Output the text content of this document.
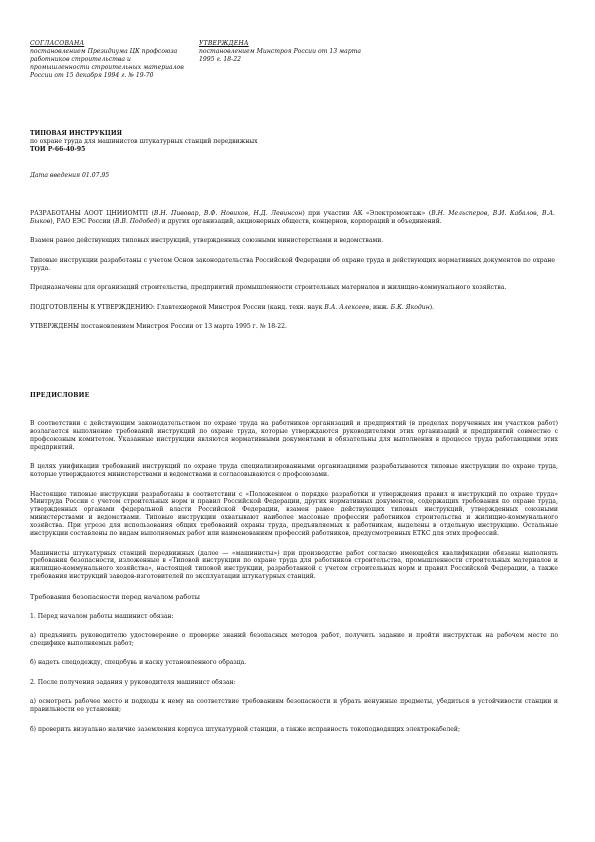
СОГЛАСОВАНА
постановлением Президиума ЦК профсоюза работников строительства и промышленности строительных материалов России от 15 декабря 1994 г. № 19-70
УТВЕРЖДЕНА
постановлением Минстроя России от 13 марта 1995 г. 18-22
ТИПОВАЯ ИНСТРУКЦИЯ
по охране труда для машинистов штукатурных станций передвижных
ТОИ Р-66-40-95
Дата введения 01.07.95

РАЗРАБОТАНЫ АООТ ЦНИИОМТП (В.Н. Пивовар, В.Ф. Новиков, Н.Д. Левинсон) при участии АК «Электромонтаж» (В.Н. Мельсперов, В.И. Кабалов, В.А. Быков), РАО ЕЭС России (В.В. Подобед) и других организаций, акционерных обществ, концернов, корпораций и объединений.

Взамен ранее действующих типовых инструкций, утвержденных союзными министерствами и ведомствами.

Типовые инструкции разработаны с учетом Основ законодательства Российской Федерации об охране труда и действующих нормативных документов по охране труда.

Предназначены для организаций строительства, предприятий промышленности строительных материалов и жилищно-коммунального хозяйства.

ПОДГОТОВЛЕНЫ К УТВЕРЖДЕНИЮ: Главтехнормой Минстроя России (канд. техн. наук В.А. Алексеев, инж. Б.К. Якодин).

УТВЕРЖДЕНЫ постановлением Минстроя России от 13 марта 1995 г. № 18-22.

ПРЕДИСЛОВИЕ

В соответствии с действующим законодательством по охране труда на работников организаций и предприятий (в пределах порученных им участков работ) возлагается выполнение требований инструкций по охране труда, которые утверждаются руководителями этих организаций и предприятий совместно с профсоюзным комитетом. Указанные инструкции являются нормативными документами и обязательны для выполнения в процессе труда работающими этих предприятий.

В целях унификации требований инструкций по охране труда специализированными организациями разрабатываются типовые инструкции по охране труда, которые утверждаются министерствами и ведомствами и согласовываются с профсоюзами.

Настоящие типовые инструкции разработаны в соответствии с «Положением о порядке разработки и утверждения правил и инструкций по охране труда» Минтруда России с учетом строительных норм и правил Российской Федерации, других нормативных документов, содержащих требования по охране труда, утвержденных органами федеральной власти Российской Федерации, взамен ранее действующих типовых инструкций, утвержденных союзными министерствами и ведомствами. Типовые инструкции охватывают наиболее массовые профессии работников строительства и жилищно-коммунального хозяйства. При угрозе для использования общих требований охраны труда, предъявляемых к работникам, выделены в отдельную инструкцию. Остальные инструкции составлены по видам выполняемых работ или наименованиям профессий работников, предусмотренных ЕТКС для этих профессий.

Машинисты штукатурных станций передвижных (далее — «машинисты») при производстве работ согласно имеющейся квалификации обязаны выполнять требования безопасности, изложенные в «Типовой инструкции по охране труда для работников строительства, промышленности строительных материалов и жилищно-коммунального хозяйства», настоящей типовой инструкции, разработанной с учетом строительных норм и правил Российской Федерации, а также требования инструкций заводов-изготовителей по эксплуатации штукатурных станций.

Требования безопасности перед началом работы

1. Перед началом работы машинист обязан:

а) предъявить руководителю удостоверение о проверке знаний безопасных методов работ, получить задание и пройти инструктаж на рабочем месте по специфике выполняемых работ;

б) надеть спецодежду, спецобувь и каску установленного образца.

2. После получения задания у руководителя машинист обязан:

а) осмотреть рабочее место и подходы к нему на соответствие требованиям безопасности и убрать ненужные предметы, убедиться в устойчивости станции и правильности ее установки;

б) проверить визуально наличие заземления корпуса штукатурной станции, а также исправность токоподводящих электрокабелей;
